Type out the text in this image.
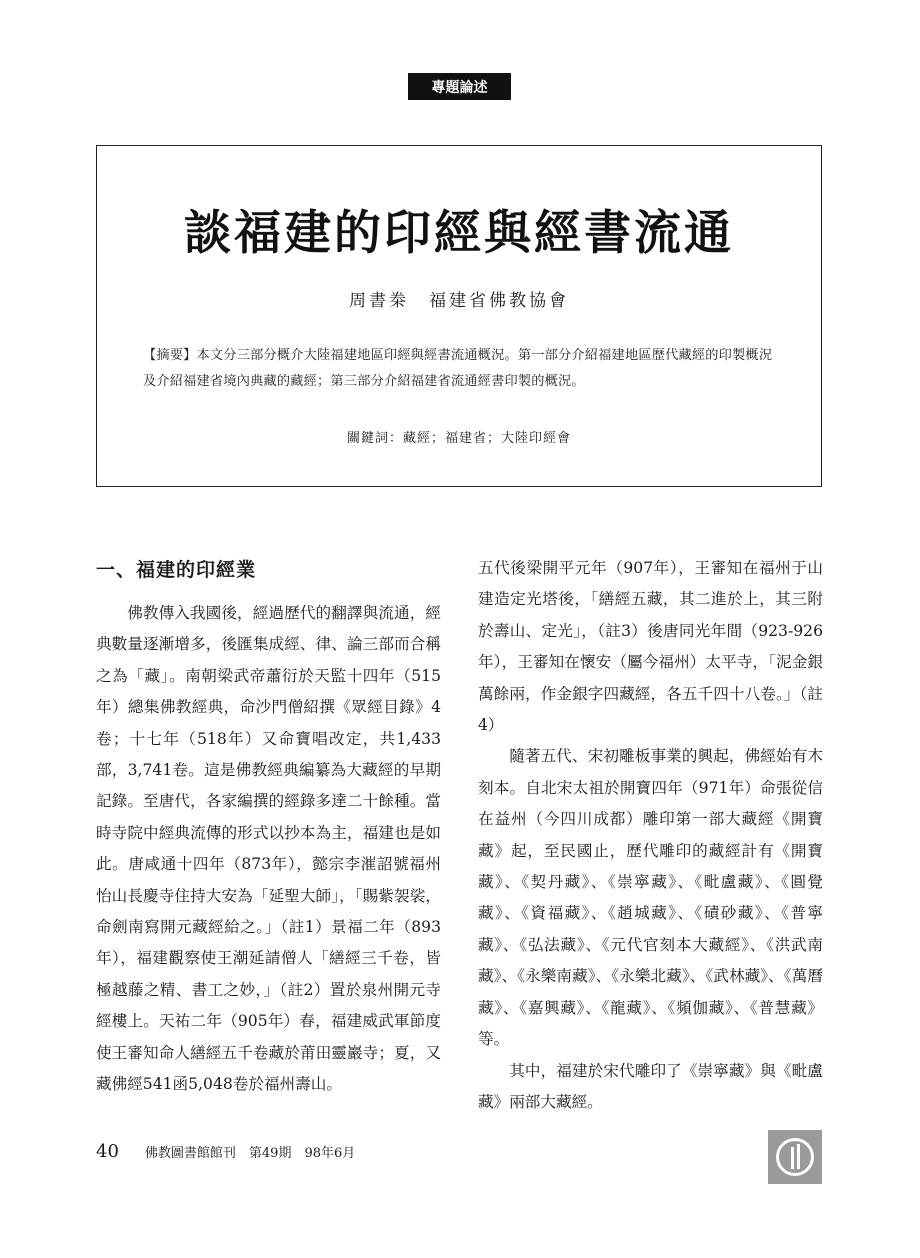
專題論述
談福建的印經與經書流通
周書桊　福建省佛教協會
【摘要】本文分三部分概介大陸福建地區印經與經書流通概況。第一部分介紹福建地區歷代藏經的印製概況及介紹福建省境內典藏的藏經；第三部分介紹福建省流通經書印製的概況。
關鍵詞：藏經；福建省；大陸印經會

一、福建的印經業

佛教傳入我國後，經過歷代的翻譯與流通，經典數量逐漸增多，後匯集成經、律、論三部而合稱之為「藏」。南朝梁武帝蕭衍於天監十四年（515年）總集佛教經典，命沙門僧紹撰《眾經目錄》4卷；十七年（518年）又命寶唱改定，共1,433部，3,741卷。這是佛教經典編纂為大藏經的早期記錄。至唐代，各家編撰的經錄多達二十餘種。當時寺院中經典流傳的形式以抄本為主，福建也是如此。唐咸通十四年（873年），懿宗李漼詔號福州怡山長慶寺住持大安為「延聖大師」，「賜紫袈裟，命劍南寫開元藏經給之。」（註1）景福二年（893年），福建觀察使王潮延請僧人「繕經三千卷，皆極越藤之精、書工之妙，」（註2）置於泉州開元寺經樓上。天祐二年（905年）春，福建威武軍節度使王審知命人繕經五千卷藏於莆田靈巖寺；夏，又藏佛經541函5,048卷於福州壽山。

五代後梁開平元年（907年），王審知在福州于山建造定光塔後，「繕經五藏，其二進於上，其三附於壽山、定光」，（註3）後唐同光年間（923-926年），王審知在懷安（屬今福州）太平寺，「泥金銀萬餘兩，作金銀字四藏經，各五千四十八卷。」（註4）

隨著五代、宋初雕板事業的興起，佛經始有木刻本。自北宋太祖於開寶四年（971年）命張從信在益州（今四川成都）雕印第一部大藏經《開寶藏》起，至民國止，歷代雕印的藏經計有《開寶藏》、《契丹藏》、《崇寧藏》、《毗盧藏》、《圓覺藏》、《資福藏》、《趙城藏》、《磧砂藏》、《普寧藏》、《弘法藏》、《元代官刻本大藏經》、《洪武南藏》、《永樂南藏》、《永樂北藏》、《武林藏》、《萬曆藏》、《嘉興藏》、《龍藏》、《頻伽藏》、《普慧藏》等。

其中，福建於宋代雕印了《崇寧藏》與《毗盧藏》兩部大藏經。

40 佛教圖書館館刊　第49期　98年6月
